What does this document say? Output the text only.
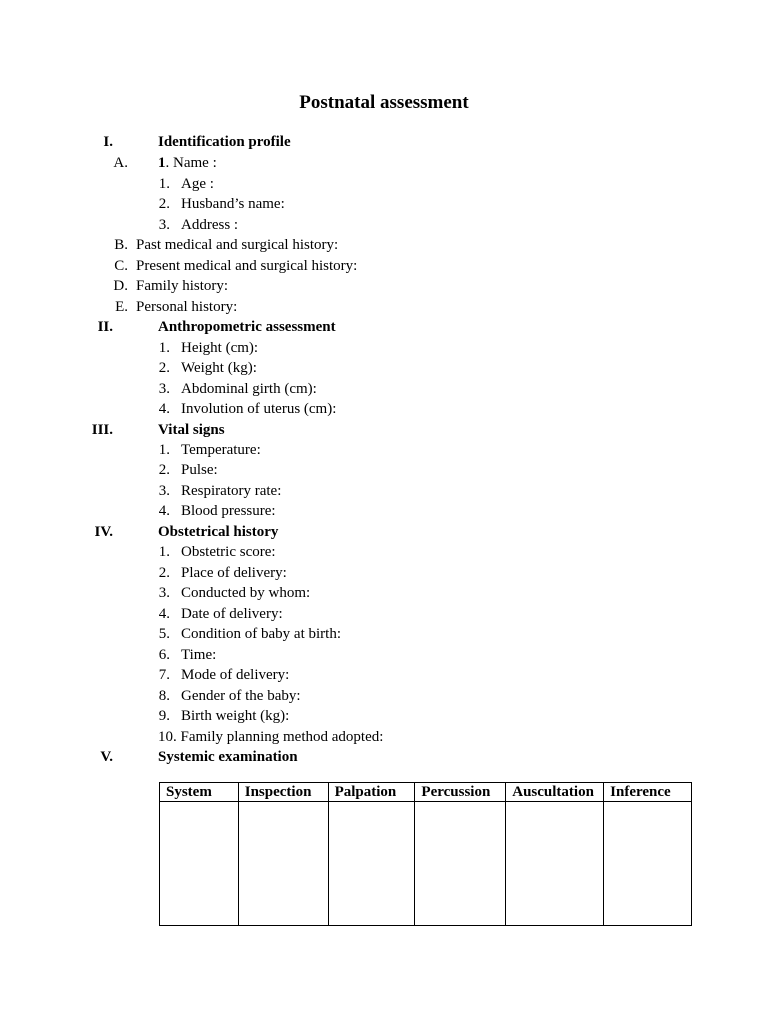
Postnatal assessment
I.	Identification profile
A. 1. Name :
1. Age :
2. Husband’s name:
3. Address :
B. Past medical and surgical history:
C. Present medical and surgical history:
D. Family history:
E. Personal history:
II.	Anthropometric assessment
1. Height (cm):
2. Weight (kg):
3. Abdominal girth (cm):
4. Involution of uterus (cm):
III.	Vital signs
1. Temperature:
2. Pulse:
3. Respiratory rate:
4. Blood pressure:
IV.	Obstetrical history
1. Obstetric score:
2. Place of delivery:
3. Conducted by whom:
4. Date of delivery:
5. Condition of baby at birth:
6. Time:
7. Mode of delivery:
8. Gender of the baby:
9. Birth weight (kg):
10. Family planning method adopted:
V.	Systemic examination
System	Inspection	Palpation	Percussion	Auscultation	Inference
